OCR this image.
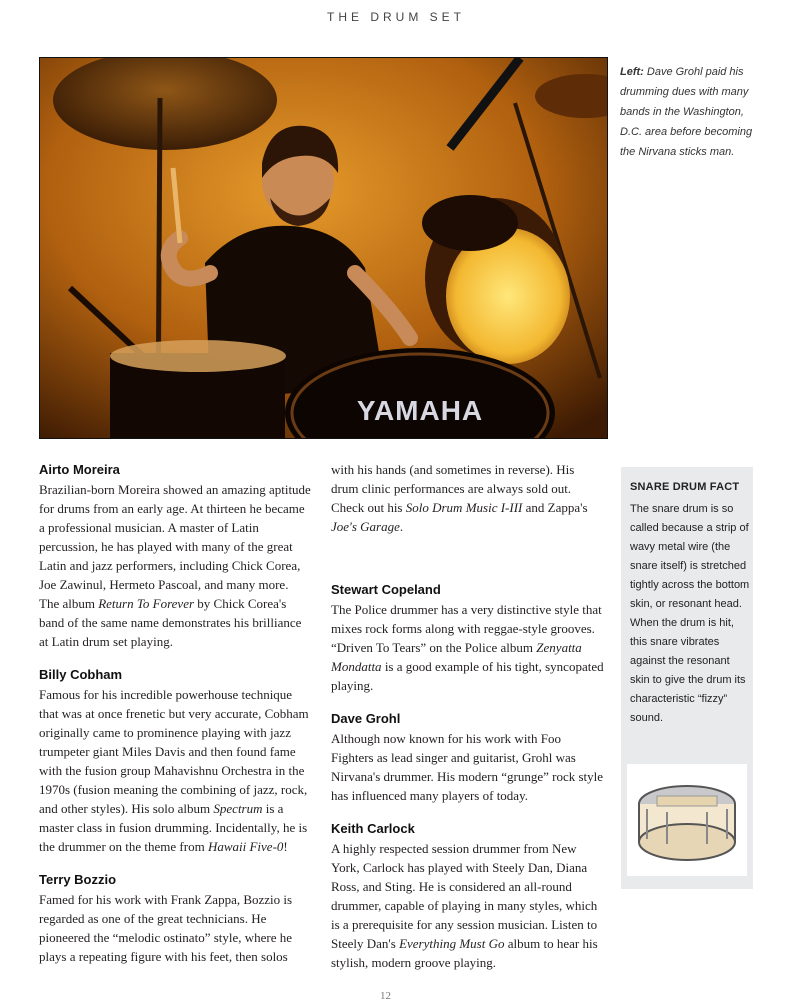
THE DRUM SET
YAMAHA
Left: Dave Grohl paid his drumming dues with many bands in the Washington, D.C. area before becoming the Nirvana sticks man.
Airto Moreira
Brazilian-born Moreira showed an amazing aptitude for drums from an early age. At thirteen he became a professional musician. A master of Latin percussion, he has played with many of the great Latin and jazz performers, including Chick Corea, Joe Zawinul, Hermeto Pascoal, and many more. The album Return To Forever by Chick Corea's band of the same name demonstrates his brilliance at Latin drum set playing.
Billy Cobham
Famous for his incredible powerhouse technique that was at once frenetic but very accurate, Cobham originally came to prominence playing with jazz trumpeter giant Miles Davis and then found fame with the fusion group Mahavishnu Orchestra in the 1970s (fusion meaning the combining of jazz, rock, and other styles). His solo album Spectrum is a master class in fusion drumming. Incidentally, he is the drummer on the theme from Hawaii Five-0!
Terry Bozzio
Famed for his work with Frank Zappa, Bozzio is regarded as one of the great technicians. He pioneered the “melodic ostinato” style, where he plays a repeating figure with his feet, then solos
Stewart Copeland
The Police drummer has a very distinctive style that mixes rock forms along with reggae-style grooves. “Driven To Tears” on the Police album Zenyatta Mondatta is a good example of his tight, syncopated playing.
Dave Grohl
Although now known for his work with Foo Fighters as lead singer and guitarist, Grohl was Nirvana's drummer. His modern “grunge” rock style has influenced many players of today.
Keith Carlock
A highly respected session drummer from New York, Carlock has played with Steely Dan, Diana Ross, and Sting. He is considered an all-round drummer, capable of playing in many styles, which is a prerequisite for any session musician. Listen to Steely Dan's Everything Must Go album to hear his stylish, modern groove playing.
SNARE DRUM FACT
The snare drum is so called because a strip of wavy metal wire (the snare itself) is stretched tightly across the bottom skin, or resonant head. When the drum is hit, this snare vibrates against the resonant skin to give the drum its characteristic “fizzy” sound.
12
with his hands (and sometimes in reverse). His drum clinic performances are always sold out. Check out his Solo Drum Music I-III and Zappa's Joe's Garage.
